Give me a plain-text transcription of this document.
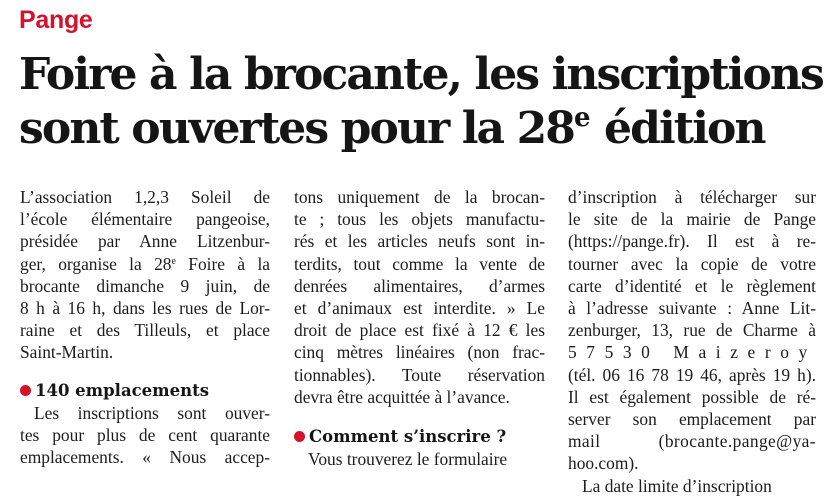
Pange
Foire à la brocante, les inscriptions
sont ouvertes pour la 28e édition
L’association 1,2,3 Soleil de
l’école élémentaire pangeoise,
présidée par Anne Litzenbur-
ger, organise la 28e Foire à la
brocante dimanche 9 juin, de
8 h à 16 h, dans les rues de Lor-
raine et des Tilleuls, et place
Saint-Martin.
140 emplacements
Les inscriptions sont ouver-
tes pour plus de cent quarante
emplacements. « Nous accep-
tons uniquement de la brocan-
te ; tous les objets manufactu-
rés et les articles neufs sont in-
terdits, tout comme la vente de
denrées alimentaires, d’armes
et d’animaux est interdite. » Le
droit de place est fixé à 12 € les
cinq mètres linéaires (non frac-
tionnables). Toute réservation
devra être acquittée à l’avance.
Comment s’inscrire ?
Vous trouverez le formulaire
d’inscription à télécharger sur
le site de la mairie de Pange
(https://pange.fr). Il est à re-
tourner avec la copie de votre
carte d’identité et le règlement
à l’adresse suivante : Anne Lit-
zenburger, 13, rue de Charme à
57530 Maizeroy
(tél. 06 16 78 19 46, après 19 h).
Il est également possible de ré-
server son emplacement par
mail (brocante.pange@ya-
hoo.com).
La date limite d’inscription
